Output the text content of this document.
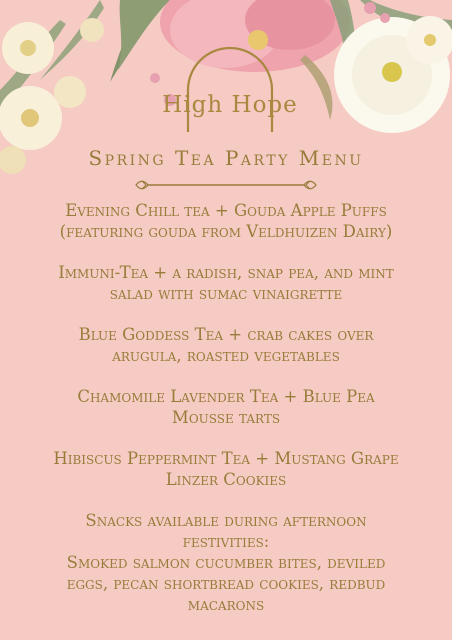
High Hope
Spring Tea Party Menu
Evening Chill tea + Gouda Apple Puffs
(featuring gouda from Veldhuizen Dairy)
Immuni-Tea + a radish, snap pea, and mint
salad with sumac vinaigrette
Blue Goddess Tea + crab cakes over
arugula, roasted vegetables
Chamomile Lavender Tea + Blue Pea
Mousse tarts
Hibiscus Peppermint Tea + Mustang Grape
Linzer Cookies
Snacks available during afternoon
festivities:
Smoked salmon cucumber bites, deviled
eggs, pecan shortbread cookies, redbud
macarons
